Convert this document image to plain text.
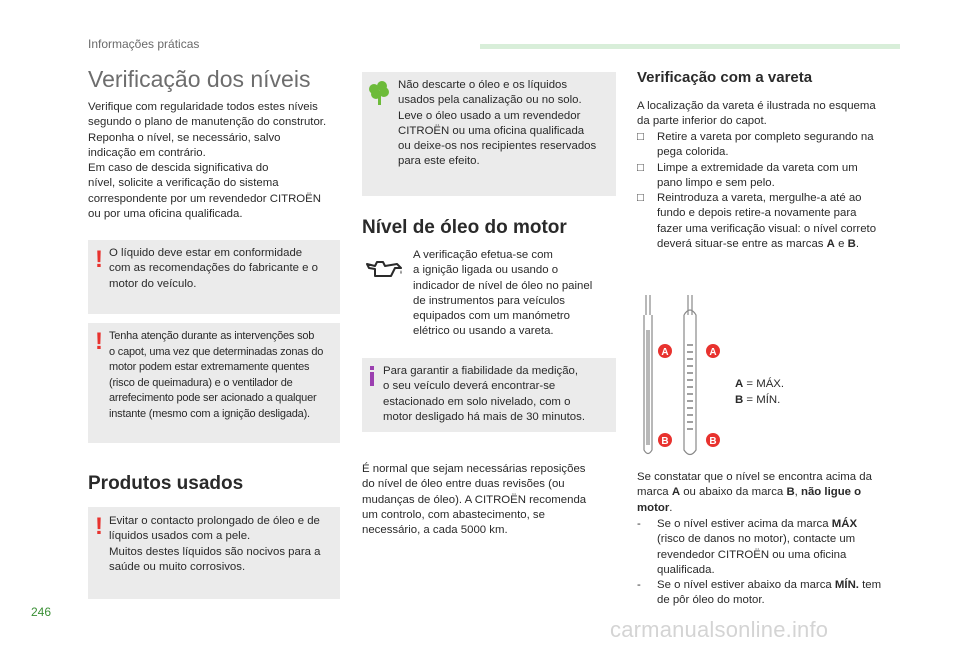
Informações práticas
Verificação dos níveis

Verifique com regularidade todos estes níveis
segundo o plano de manutenção do construtor.
Reponha o nível, se necessário, salvo
indicação em contrário.
Em caso de descida significativa do
nível, solicite a verificação do sistema
correspondente por um revendedor CITROËN
ou por uma oficina qualificada.

! O líquido deve estar em conformidade
com as recomendações do fabricante e o
motor do veículo.

! Tenha atenção durante as intervenções sob
o capot, uma vez que determinadas zonas do
motor podem estar extremamente quentes
(risco de queimadura) e o ventilador de
arrefecimento pode ser acionado a qualquer
instante (mesmo com a ignição desligada).

Produtos usados
! Evitar o contacto prolongado de óleo e de
líquidos usados com a pele.
Muitos destes líquidos são nocivos para a
saúde ou muito corrosivos.

Não descarte o óleo e os líquidos
usados pela canalização ou no solo.
Leve o óleo usado a um revendedor
CITROËN ou uma oficina qualificada
ou deixe-os nos recipientes reservados
para este efeito.

Nível de óleo do motor

A verificação efetua-se com
a ignição ligada ou usando o
indicador de nível de óleo no painel
de instrumentos para veículos
equipados com um manómetro
elétrico ou usando a vareta.

Para garantir a fiabilidade da medição,
o seu veículo deverá encontrar-se
estacionado em solo nivelado, com o
motor desligado há mais de 30 minutos.

É normal que sejam necessárias reposições
do nível de óleo entre duas revisões (ou
mudanças de óleo). A CITROËN recomenda
um controlo, com abastecimento, se
necessário, a cada 5000 km.

Verificação com a vareta

A localização da vareta é ilustrada no esquema
da parte inferior do capot.

□ Retire a vareta por completo segurando na
pega colorida.
□ Limpe a extremidade da vareta com um
pano limpo e sem pelo.
□ Reintroduza a vareta, mergulhe-a até ao
fundo e depois retire-a novamente para
fazer uma verificação visual: o nível correto
deverá situar-se entre as marcas A e B.
A	A
B	B
A = MÁX.
B = MÍN.

Se constatar que o nível se encontra acima da
marca A ou abaixo da marca B, não ligue o
motor.

- Se o nível estiver acima da marca MÁX
(risco de danos no motor), contacte um
revendedor CITROËN ou uma oficina
qualificada.
- Se o nível estiver abaixo da marca MÍN. tem
de pôr óleo do motor.
246
carmanualsonline.info
